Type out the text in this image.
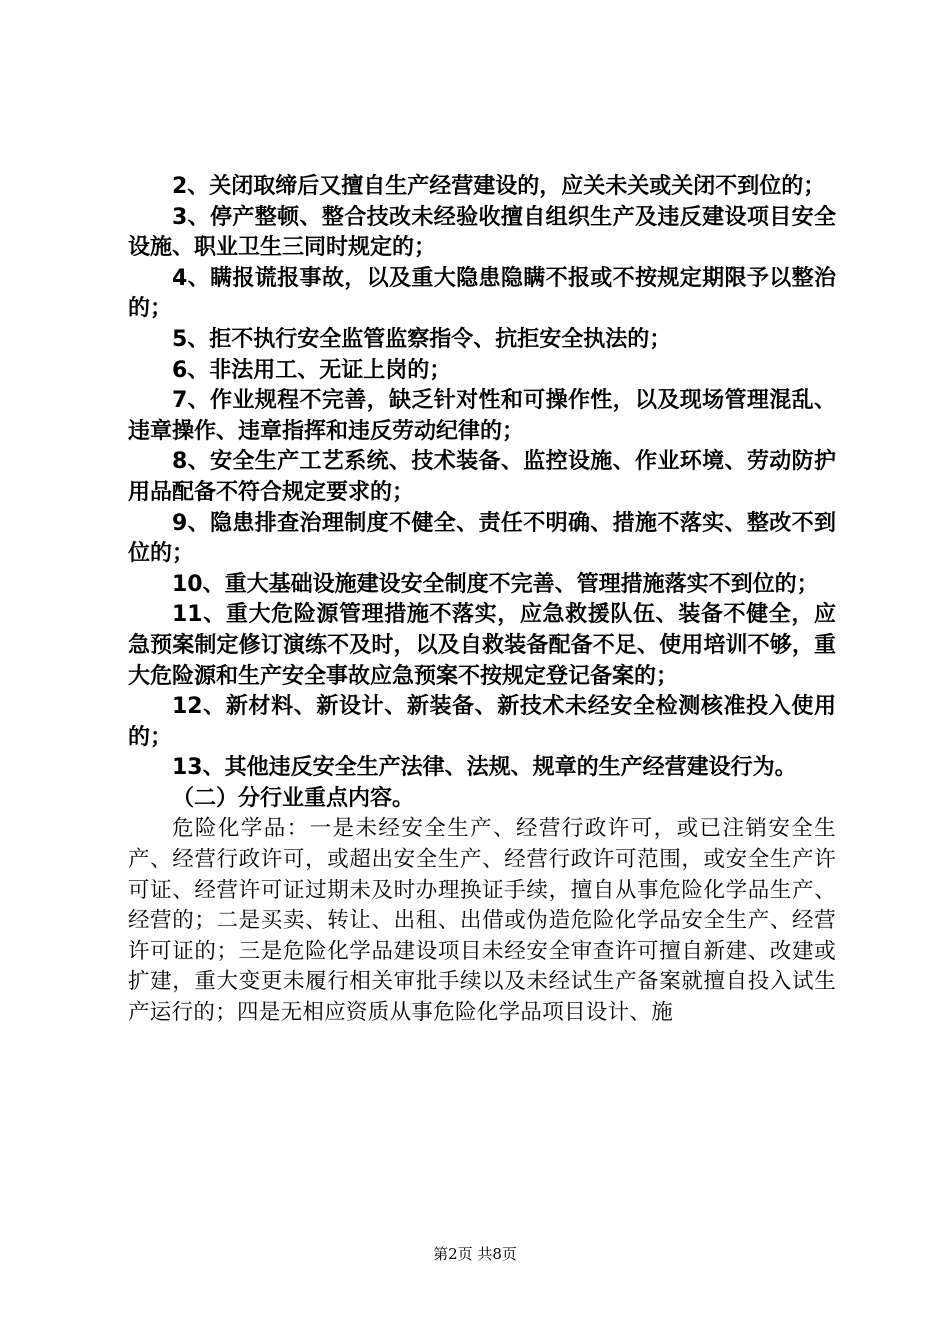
2、关闭取缔后又擅自生产经营建设的，应关未关或关闭不到位的；

3、停产整顿、整合技改未经验收擅自组织生产及违反建设项目安全设施、职业卫生三同时规定的；

4、瞒报谎报事故，以及重大隐患隐瞒不报或不按规定期限予以整治的；

5、拒不执行安全监管监察指令、抗拒安全执法的；

6、非法用工、无证上岗的；

7、作业规程不完善，缺乏针对性和可操作性，以及现场管理混乱、违章操作、违章指挥和违反劳动纪律的；

8、安全生产工艺系统、技术装备、监控设施、作业环境、劳动防护用品配备不符合规定要求的；

9、隐患排查治理制度不健全、责任不明确、措施不落实、整改不到位的；

10、重大基础设施建设安全制度不完善、管理措施落实不到位的；

11、重大危险源管理措施不落实，应急救援队伍、装备不健全，应急预案制定修订演练不及时，以及自救装备配备不足、使用培训不够，重大危险源和生产安全事故应急预案不按规定登记备案的；

12、新材料、新设计、新装备、新技术未经安全检测核准投入使用的；

13、其他违反安全生产法律、法规、规章的生产经营建设行为。

（二）分行业重点内容。

危险化学品：一是未经安全生产、经营行政许可，或已注销安全生产、经营行政许可，或超出安全生产、经营行政许可范围，或安全生产许可证、经营许可证过期未及时办理换证手续，擅自从事危险化学品生产、经营的；二是买卖、转让、出租、出借或伪造危险化学品安全生产、经营许可证的；三是危险化学品建设项目未经安全审查许可擅自新建、改建或扩建，重大变更未履行相关审批手续以及未经试生产备案就擅自投入试生产运行的；四是无相应资质从事危险化学品项目设计、施

第2页 共8页
